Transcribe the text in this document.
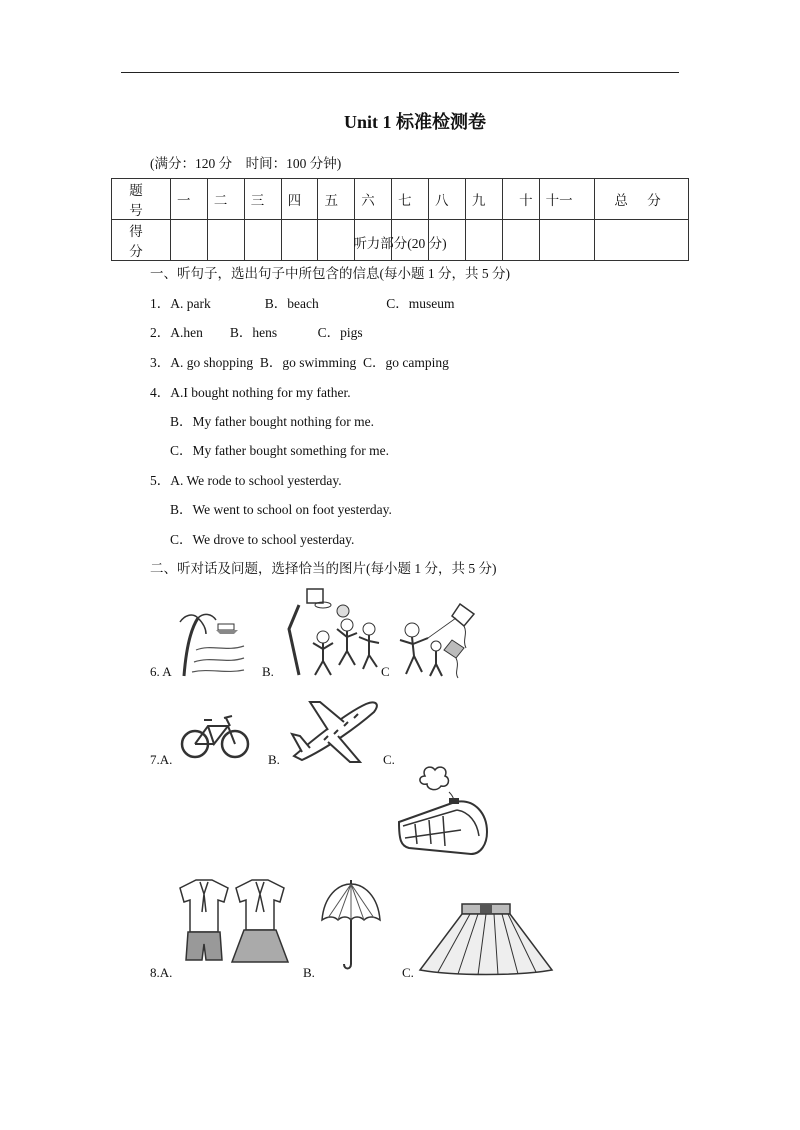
Unit 1 标准检测卷
(满分：120 分　时间：100 分钟)
题 号	一	二	三	四	五	六	七	八	九	十	十一	总 分
得 分												
听力部分(20 分)
一、听句子，选出句子中所包含的信息(每小题 1 分，共 5 分)
1．A. park　　　　B．beach　　　　　C．museum
2．A.hen　　B．hens　　　C．pigs
3．A. go shopping  B．go swimming  C．go camping
4．A.I bought nothing for my father.
B．My father bought nothing for me.
C．My father bought something for me.
5．A. We rode to school yesterday.
B．We went to school on foot yesterday.
C．We drove to school yesterday.
二、听对话及问题，选择恰当的图片(每小题 1 分，共 5 分)
6. A	B.	C
7.A.	B.	C.
8.A.	B.	C.
